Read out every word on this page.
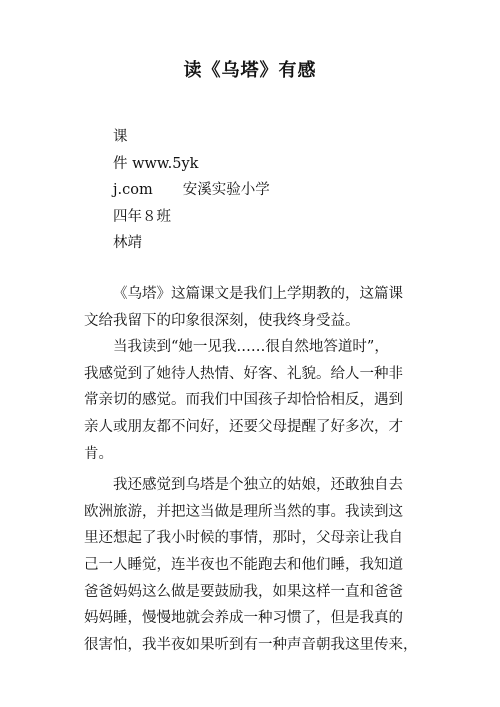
读《乌塔》有感
课
件 www.5yk
j.com 安溪实验小学
四年８班
林靖
《乌塔》这篇课文是我们上学期教的，这篇课
文给我留下的印象很深刻，使我终身受益。
当我读到“她一见我……很自然地答道时”，
我感觉到了她待人热情、好客、礼貌。给人一种非
常亲切的感觉。而我们中国孩子却恰恰相反，遇到
亲人或朋友都不问好，还要父母提醒了好多次，才
肯。
我还感觉到乌塔是个独立的姑娘，还敢独自去
欧洲旅游，并把这当做是理所当然的事。我读到这
里还想起了我小时候的事情，那时，父母亲让我自
己一人睡觉，连半夜也不能跑去和他们睡，我知道
爸爸妈妈这么做是要鼓励我，如果这样一直和爸爸
妈妈睡，慢慢地就会养成一种习惯了，但是我真的
很害怕，我半夜如果听到有一种声音朝我这里传来，
